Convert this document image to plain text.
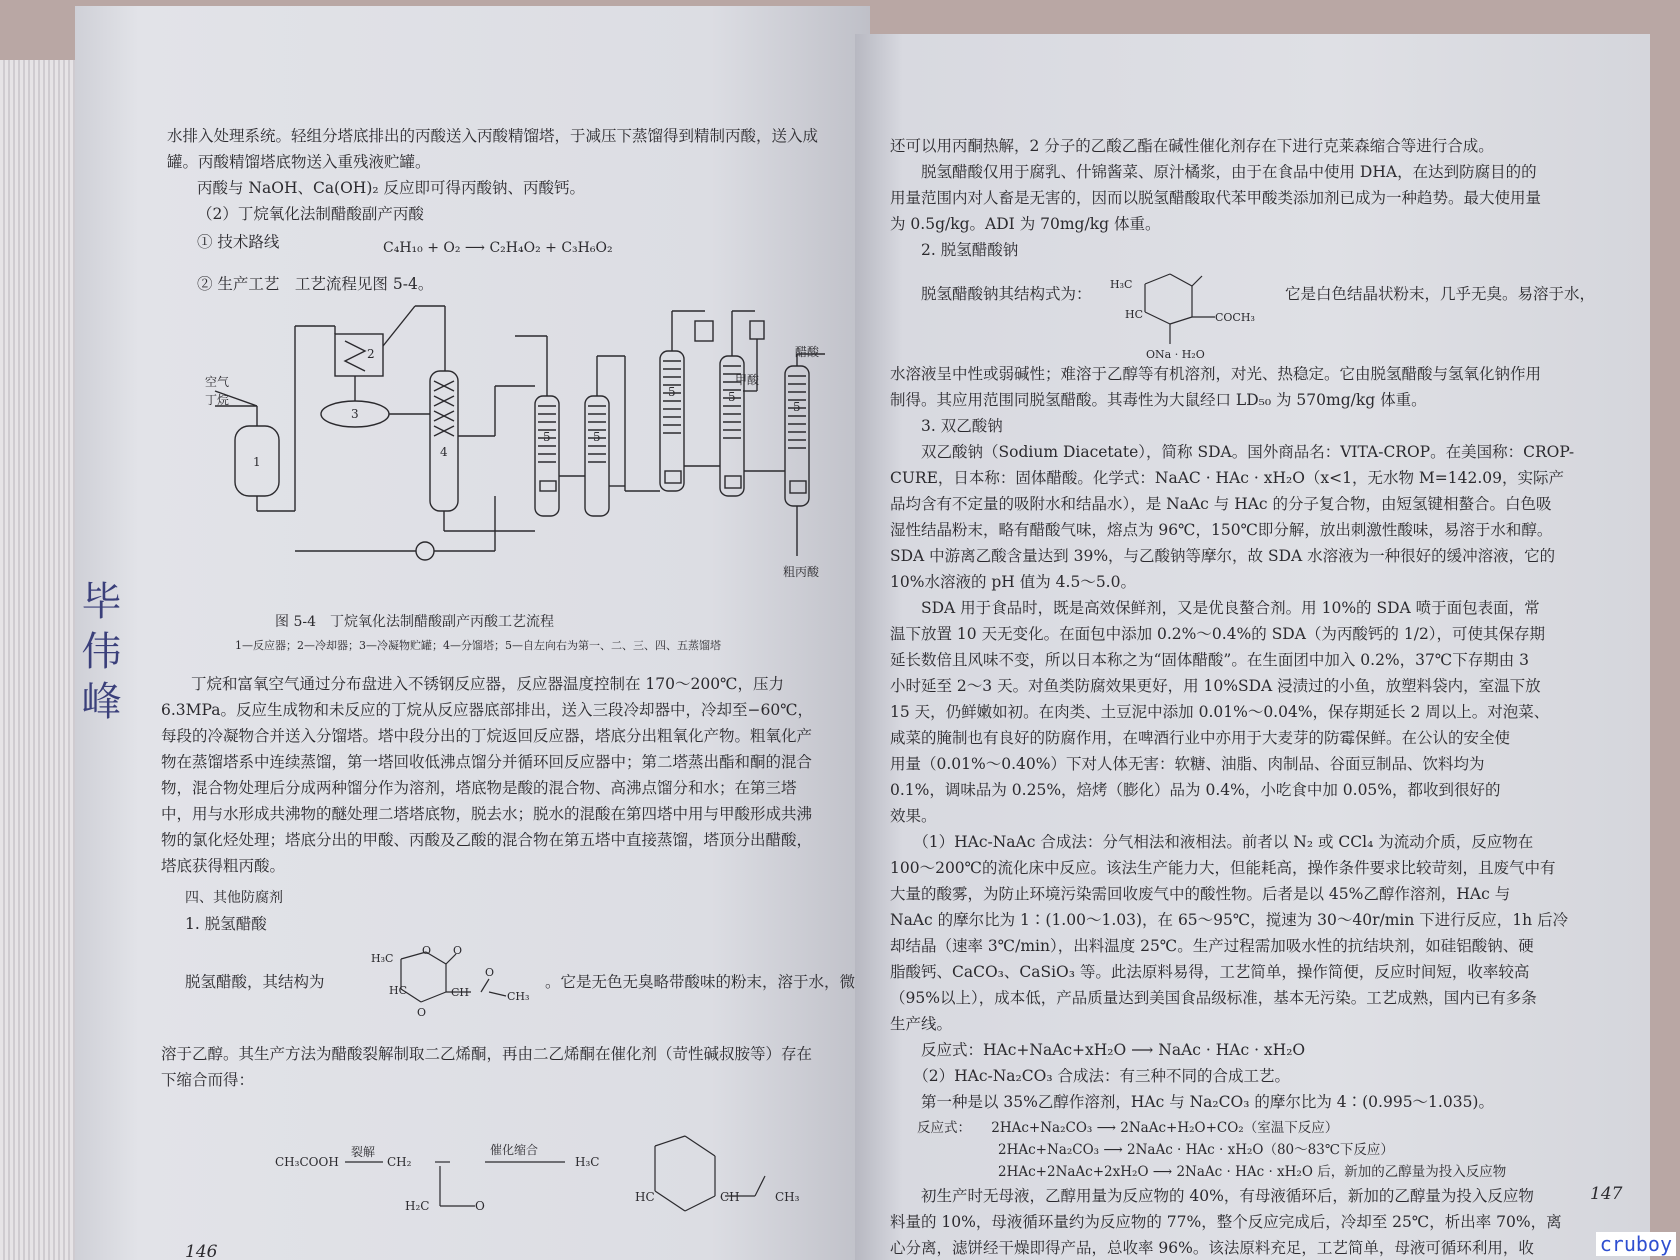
水排入处理系统。轻组分塔底排出的丙酸送入丙酸精馏塔，于减压下蒸馏得到精制丙酸，送入成
罐。丙酸精馏塔底物送入重残液贮罐。
丙酸与 NaOH、Ca(OH)₂ 反应即可得丙酸钠、丙酸钙。
（2）丁烷氧化法制醋酸副产丙酸
① 技术路线	C₄H₁₀ + O₂ ⟶ C₂H₄O₂ + C₃H₆O₂
② 生产工艺　工艺流程见图 5-4。
空气
丁烷
1
2
3
4
5	5
5	5
5
醋酸
甲酸
粗丙酸
图 5-4　丁烷氧化法制醋酸副产丙酸工艺流程
1—反应器；2—冷却器；3—冷凝物贮罐；4—分馏塔；5—自左向右为第一、二、三、四、五蒸馏塔
丁烷和富氧空气通过分布盘进入不锈钢反应器，反应器温度控制在 170～200℃，压力
6.3MPa。反应生成物和未反应的丁烷从反应器底部排出，送入三段冷却器中，冷却至−60℃，
每段的冷凝物合并送入分馏塔。塔中段分出的丁烷返回反应器，塔底分出粗氧化产物。粗氧化产
物在蒸馏塔系中连续蒸馏，第一塔回收低沸点馏分并循环回反应器中；第二塔蒸出酯和酮的混合
物，混合物处理后分成两种馏分作为溶剂，塔底物是酸的混合物、高沸点馏分和水；在第三塔
中，用与水形成共沸物的醚处理二塔塔底物，脱去水；脱水的混酸在第四塔中用与甲酸形成共沸
物的氯化烃处理；塔底分出的甲酸、丙酸及乙酸的混合物在第五塔中直接蒸馏，塔顶分出醋酸，
塔底获得粗丙酸。
四、其他防腐剂
1. 脱氢醋酸
脱氢醋酸，其结构为
H₃C
O O
HC	CH
O
O
CH₃
。它是无色无臭略带酸味的粉末，溶于水，微
溶于乙醇。其生产方法为醋酸裂解制取二乙烯酮，再由二乙烯酮在催化剂（苛性碱叔胺等）存在
下缩合而得：
CH₃COOH
裂解
CH₂
O
H₂C
催化缩合
H₃C
HC	CH	CH₃
146
毕伟峰
还可以用丙酮热解，2 分子的乙酸乙酯在碱性催化剂存在下进行克莱森缩合等进行合成。
　　脱氢醋酸仅用于腐乳、什锦酱菜、原汁橘浆，由于在食品中使用 DHA，在达到防腐目的的
用量范围内对人畜是无害的，因而以脱氢醋酸取代苯甲酸类添加剂已成为一种趋势。最大使用量
为 0.5g/kg。ADI 为 70mg/kg 体重。
　　2. 脱氢醋酸钠
　　脱氢醋酸钠其结构式为：
H₃C
COCH₃
HC
ONa · H₂O
它是白色结晶状粉末，几乎无臭。易溶于水，
水溶液呈中性或弱碱性；难溶于乙醇等有机溶剂，对光、热稳定。它由脱氢醋酸与氢氧化钠作用
制得。其应用范围同脱氢醋酸。其毒性为大鼠经口 LD₅₀ 为 570mg/kg 体重。
　　3. 双乙酸钠
　　双乙酸钠（Sodium Diacetate），简称 SDA。国外商品名：VITA-CROP。在美国称：CROP-
CURE，日本称：固体醋酸。化学式：NaAC · HAc · xH₂O（x<1，无水物 M=142.09，实际产
品均含有不定量的吸附水和结晶水），是 NaAc 与 HAc 的分子复合物，由短氢键相螯合。白色吸
湿性结晶粉末，略有醋酸气味，熔点为 96℃，150℃即分解，放出刺激性酸味，易溶于水和醇。
SDA 中游离乙酸含量达到 39%，与乙酸钠等摩尔，故 SDA 水溶液为一种很好的缓冲溶液，它的
10%水溶液的 pH 值为 4.5～5.0。
　　SDA 用于食品时，既是高效保鲜剂，又是优良螯合剂。用 10%的 SDA 喷于面包表面，常
温下放置 10 天无变化。在面包中添加 0.2%～0.4%的 SDA（为丙酸钙的 1/2），可使其保存期
延长数倍且风味不变，所以日本称之为“固体醋酸”。在生面团中加入 0.2%，37℃下存期由 3
小时延至 2～3 天。对鱼类防腐效果更好，用 10%SDA 浸渍过的小鱼，放塑料袋内，室温下放
15 天，仍鲜嫩如初。在肉类、土豆泥中添加 0.01%～0.04%，保存期延长 2 周以上。对泡菜、
咸菜的腌制也有良好的防腐作用，在啤酒行业中亦用于大麦芽的防霉保鲜。在公认的安全使
用量（0.01%～0.40%）下对人体无害：软糖、油脂、肉制品、谷面豆制品、饮料均为
0.1%，调味品为 0.25%，焙烤（膨化）品为 0.4%，小吃食中加 0.05%，都收到很好的
效果。
　　（1）HAc-NaAc 合成法：分气相法和液相法。前者以 N₂ 或 CCl₄ 为流动介质，反应物在
100～200℃的流化床中反应。该法生产能力大，但能耗高，操作条件要求比较苛刻，且废气中有
大量的酸雾，为防止环境污染需回收废气中的酸性物。后者是以 45%乙醇作溶剂，HAc 与
NaAc 的摩尔比为 1∶(1.00～1.03)，在 65～95℃，搅速为 30～40r/min 下进行反应，1h 后冷
却结晶（速率 3℃/min），出料温度 25℃。生产过程需加吸水性的抗结块剂，如硅铝酸钠、硬
脂酸钙、CaCO₃、CaSiO₃ 等。此法原料易得，工艺简单，操作简便，反应时间短，收率较高
（95%以上），成本低，产品质量达到美国食品级标准，基本无污染。工艺成熟，国内已有多条
生产线。
　　反应式：HAc+NaAc+xH₂O ⟶ NaAc · HAc · xH₂O
　　（2）HAc-Na₂CO₃ 合成法：有三种不同的合成工艺。
　　第一种是以 35%乙醇作溶剂，HAc 与 Na₂CO₃ 的摩尔比为 4∶(0.995～1.035)。
　　反应式：　　2HAc+Na₂CO₃ ⟶ 2NaAc+H₂O+CO₂（室温下反应）
　　　　　　　　2HAc+Na₂CO₃ ⟶ 2NaAc · HAc · xH₂O（80～83℃下反应）
　　　　　　　　2HAc+2NaAc+2xH₂O ⟶ 2NaAc · HAc · xH₂O 后，新加的乙醇量为投入反应物
　　初生产时无母液，乙醇用量为反应物的 40%，有母液循环后，新加的乙醇量为投入反应物
料量的 10%，母液循环量约为反应物的 77%，整个反应完成后，冷却至 25℃，析出率 70%，离
心分离，滤饼经干燥即得产品，总收率 96%。该法原料充足，工艺简单，母液可循环利用，收
147
cruboy
